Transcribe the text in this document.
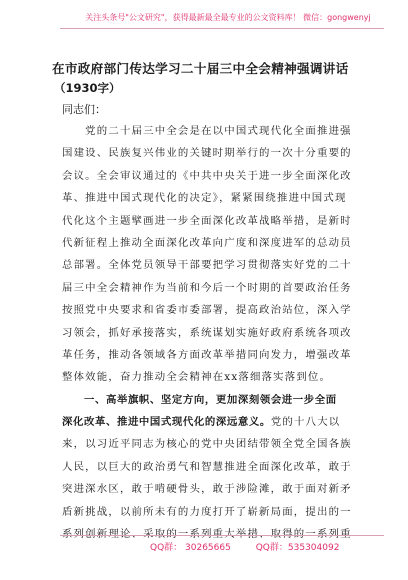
关注头条号"公文研究"，获得最新最全最专业的公文资料库！ 微信：gongwenyj
在市政府部门传达学习二十届三中全会精神强调讲话
（1930字）
同志们：
　　党的二十届三中全会是在以中国式现代化全面推进强
国建设、民族复兴伟业的关键时期举行的一次十分重要的
会议。全会审议通过的《中共中央关于进一步全面深化改
革、推进中国式现代化的决定》，紧紧围绕推进中国式现
代化这个主题擘画进一步全面深化改革战略举措，是新时
代新征程上推动全面深化改革向广度和深度进军的总动员
总部署。全体党员领导干部要把学习贯彻落实好党的二十
届三中全会精神作为当前和今后一个时期的首要政治任务
按照党中央要求和省委市委部署，提高政治站位，深入学
习领会，抓好承接落实，系统谋划实施好政府系统各项改
革任务，推动各领域各方面改革举措同向发力，增强改革
整体效能，奋力推动全会精神在xx落细落实落到位。
　　一、高举旗帜、坚定方向，更加深刻领会进一步全面
深化改革、推进中国式现代化的深远意义。党的十八大以
来，以习近平同志为核心的党中央团结带领全党全国各族
人民，以巨大的政治勇气和智慧推进全面深化改革，敢于
突进深水区，敢于啃硬骨头，敢于涉险滩，敢于面对新矛
盾新挑战，以前所未有的力度打开了崭新局面，提出的一
QQ群： 30265665	QQ群：535304092
